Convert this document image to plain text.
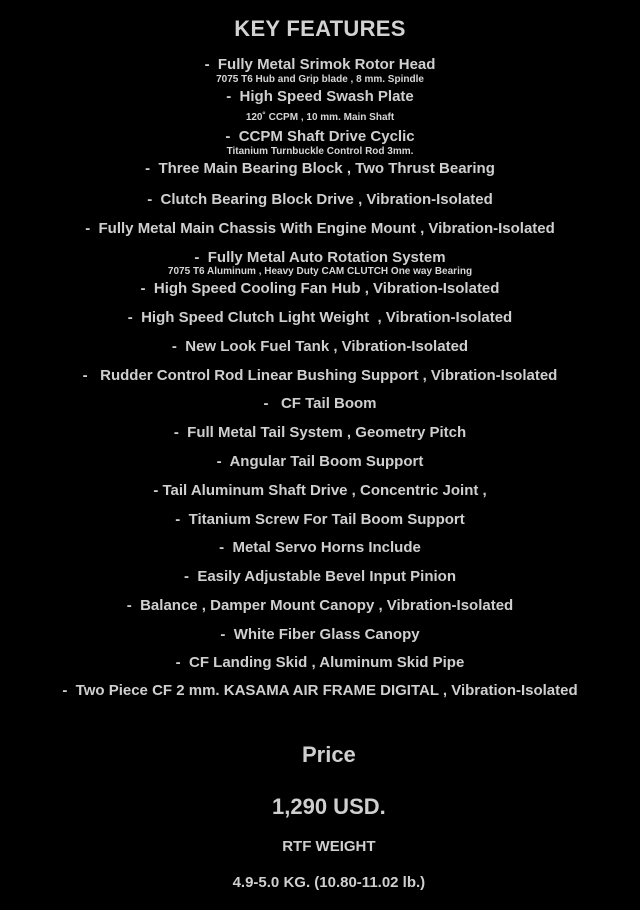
KEY FEATURES
-  Fully Metal Srimok Rotor Head
7075 T6 Hub and Grip blade , 8 mm. Spindle
-  High Speed Swash Plate
120˚ CCPM , 10 mm. Main Shaft
-  CCPM Shaft Drive Cyclic
Titanium Turnbuckle Control Rod 3mm.
-  Three Main Bearing Block , Two Thrust Bearing
-  Clutch Bearing Block Drive , Vibration-Isolated
-  Fully Metal Main Chassis With Engine Mount , Vibration-Isolated
-  Fully Metal Auto Rotation System
7075 T6 Aluminum , Heavy Duty CAM CLUTCH One way Bearing
-  High Speed Cooling Fan Hub , Vibration-Isolated
-  High Speed Clutch Light Weight  , Vibration-Isolated
-  New Look Fuel Tank , Vibration-Isolated
-   Rudder Control Rod Linear Bushing Support , Vibration-Isolated
-   CF Tail Boom
-  Full Metal Tail System , Geometry Pitch
-  Angular Tail Boom Support
- Tail Aluminum Shaft Drive , Concentric Joint ,
-  Titanium Screw For Tail Boom Support
-  Metal Servo Horns Include
-  Easily Adjustable Bevel Input Pinion
-  Balance , Damper Mount Canopy , Vibration-Isolated
-  White Fiber Glass Canopy
-  CF Landing Skid , Aluminum Skid Pipe
-  Two Piece CF 2 mm. KASAMA AIR FRAME DIGITAL , Vibration-Isolated

Price

1,290 USD.

RTF WEIGHT

4.9-5.0 KG. (10.80-11.02 lb.)
